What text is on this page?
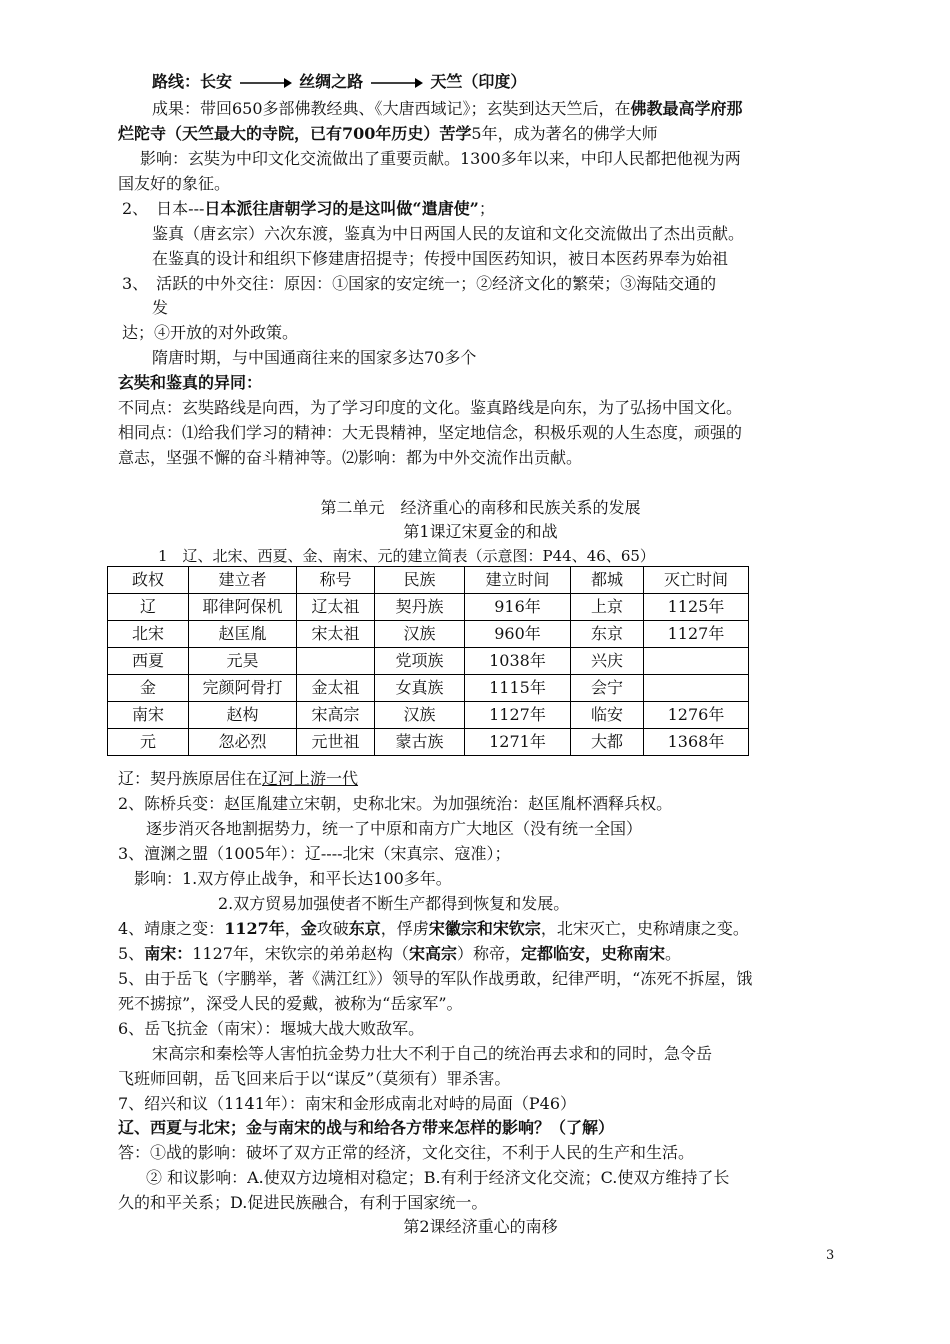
路线：长安	丝绸之路	天竺（印度）
成果：带回650多部佛教经典、《大唐西域记》；玄奘到达天竺后，在佛教最高学府那
烂陀寺（天竺最大的寺院，已有700年历史）苦学5年，成为著名的佛学大师
影响：玄奘为中印文化交流做出了重要贡献。1300多年以来，中印人民都把他视为两
国友好的象征。
2、　日本---日本派往唐朝学习的是这叫做“遣唐使”；
鉴真（唐玄宗）六次东渡，鉴真为中日两国人民的友谊和文化交流做出了杰出贡献。
在鉴真的设计和组织下修建唐招提寺；传授中国医药知识，被日本医药界奉为始祖
3、　活跃的中外交往：原因：①国家的安定统一；②经济文化的繁荣；③海陆交通的
发
达；④开放的对外政策。
隋唐时期，与中国通商往来的国家多达70多个
玄奘和鉴真的异同：
不同点：玄奘路线是向西，为了学习印度的文化。鉴真路线是向东，为了弘扬中国文化。
相同点：⑴给我们学习的精神：大无畏精神，坚定地信念，积极乐观的人生态度，顽强的
意志，坚强不懈的奋斗精神等。⑵影响：都为中外交流作出贡献。
第二单元　经济重心的南移和民族关系的发展
第1课辽宋夏金的和战
1　辽、北宋、西夏、金、南宋、元的建立简表（示意图：P44、46、65）
政权	建立者	称号	民族	建立时间	都城	灭亡时间
辽	耶律阿保机	辽太祖	契丹族	916年	上京	1125年
北宋	赵匡胤	宋太祖	汉族	960年	东京	1127年
西夏	元昊		党项族	1038年	兴庆	
金	完颜阿骨打	金太祖	女真族	1115年	会宁	
南宋	赵构	宋高宗	汉族	1127年	临安	1276年
元	忽必烈	元世祖	蒙古族	1271年	大都	1368年
辽：契丹族原居住在辽河上游一代
2、陈桥兵变：赵匡胤建立宋朝，史称北宋。为加强统治：赵匡胤杯酒释兵权。
逐步消灭各地割据势力，统一了中原和南方广大地区（没有统一全国）
3、澶渊之盟（1005年）：辽----北宋（宋真宗、寇准）；
影响：1.双方停止战争，和平长达100多年。
2.双方贸易加强使者不断生产都得到恢复和发展。
4、靖康之变：1127年，金攻破东京，俘虏宋徽宗和宋钦宗，北宋灭亡，史称靖康之变。
5、南宋：1127年，宋钦宗的弟弟赵构（宋高宗）称帝，定都临安，史称南宋。
5、由于岳飞（字鹏举，著《满江红》）领导的军队作战勇敢，纪律严明，“冻死不拆屋，饿
死不掳掠”，深受人民的爱戴，被称为“岳家军”。
6、岳飞抗金（南宋）：堰城大战大败敌军。
宋高宗和秦桧等人害怕抗金势力壮大不利于自己的统治再去求和的同时，急令岳
飞班师回朝，岳飞回来后于以“谋反”（莫须有）罪杀害。
7、绍兴和议（1141年）：南宋和金形成南北对峙的局面（P46）
辽、西夏与北宋；金与南宋的战与和给各方带来怎样的影响？（了解）
答：①战的影响：破坏了双方正常的经济，文化交往，不利于人民的生产和生活。
② 和议影响：A.使双方边境相对稳定；B.有利于经济文化交流；C.使双方维持了长
久的和平关系；D.促进民族融合，有利于国家统一。
第2课经济重心的南移
3
